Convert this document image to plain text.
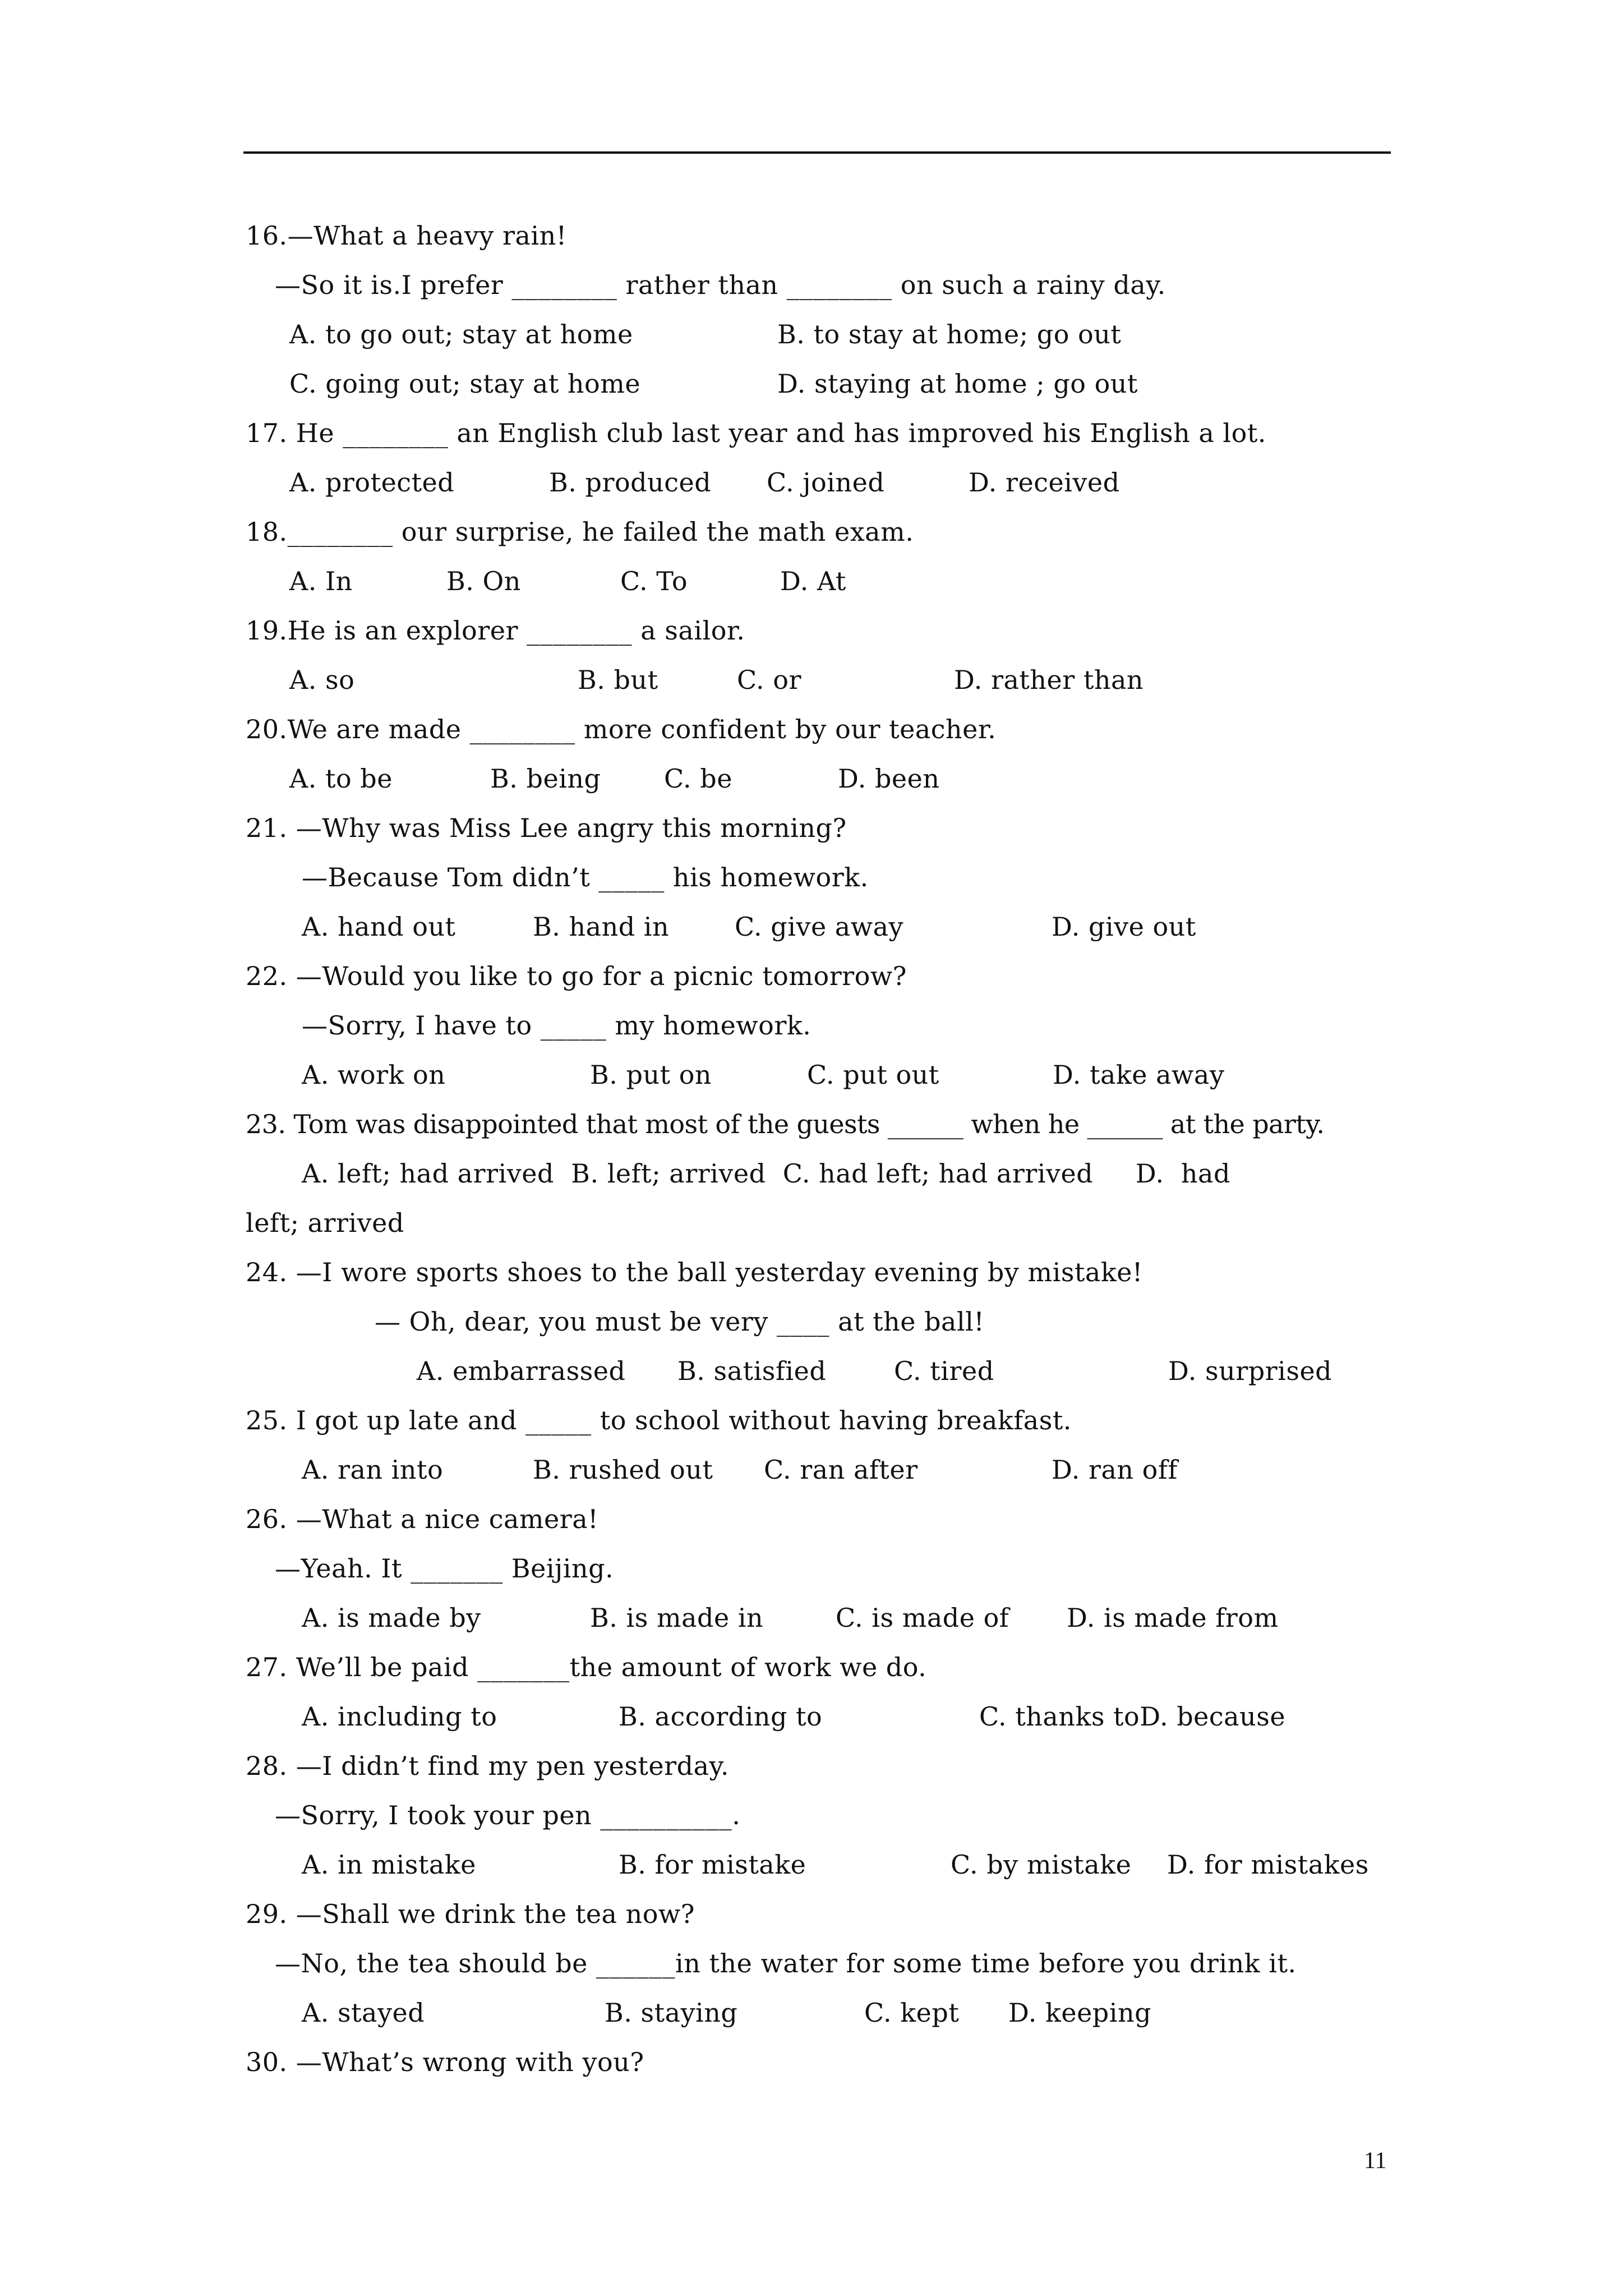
16.—What a heavy rain!
—So it is.I prefer ________ rather than ________ on such a rainy day.
A. to go out; stay at home	B. to stay at home; go out
C. going out; stay at home	D. staying at home ; go out
17. He ________ an English club last year and has improved his English a lot.
A. protected	B. produced	C. joined	D. received
18.________ our surprise, he failed the math exam.
A. In	B. On	C. To	D. At
19.He is an explorer ________ a sailor.
A. so	B. but	C. or	D. rather than
20.We are made ________ more confident by our teacher.
A. to be	B. being	C. be	D. been
21. —Why was Miss Lee angry this morning?
—Because Tom didn’t _____ his homework.
A. hand out	B. hand in	C. give away	D. give out
22. —Would you like to go for a picnic tomorrow?
—Sorry, I have to _____ my homework.
A. work on	B. put on	C. put out	D. take away
23. Tom was disappointed that most of the guests ______ when he ______ at the party.
A. left; had arrived  B. left; arrived  C. had left; had arrived     D.  had
left; arrived
24. —I wore sports shoes to the ball yesterday evening by mistake!
— Oh, dear, you must be very ____ at the ball!
A. embarrassed	B. satisfied	C. tired	D. surprised
25. I got up late and _____ to school without having breakfast.
A. ran into	B. rushed out	C. ran after	D. ran off
26. —What a nice camera!
—Yeah. It _______ Beijing.
A. is made by	B. is made in	C. is made of	D. is made from
27. We’ll be paid _______the amount of work we do.
A. including to	B. according to	C. thanks to D. because
28. —I didn’t find my pen yesterday.
—Sorry, I took your pen __________.
A. in mistake	B. for mistake	C. by mistake	D. for mistakes
29. —Shall we drink the tea now?
—No, the tea should be ______in the water for some time before you drink it.
A. stayed	B. staying	C. kept	D. keeping
30. —What’s wrong with you?
11
